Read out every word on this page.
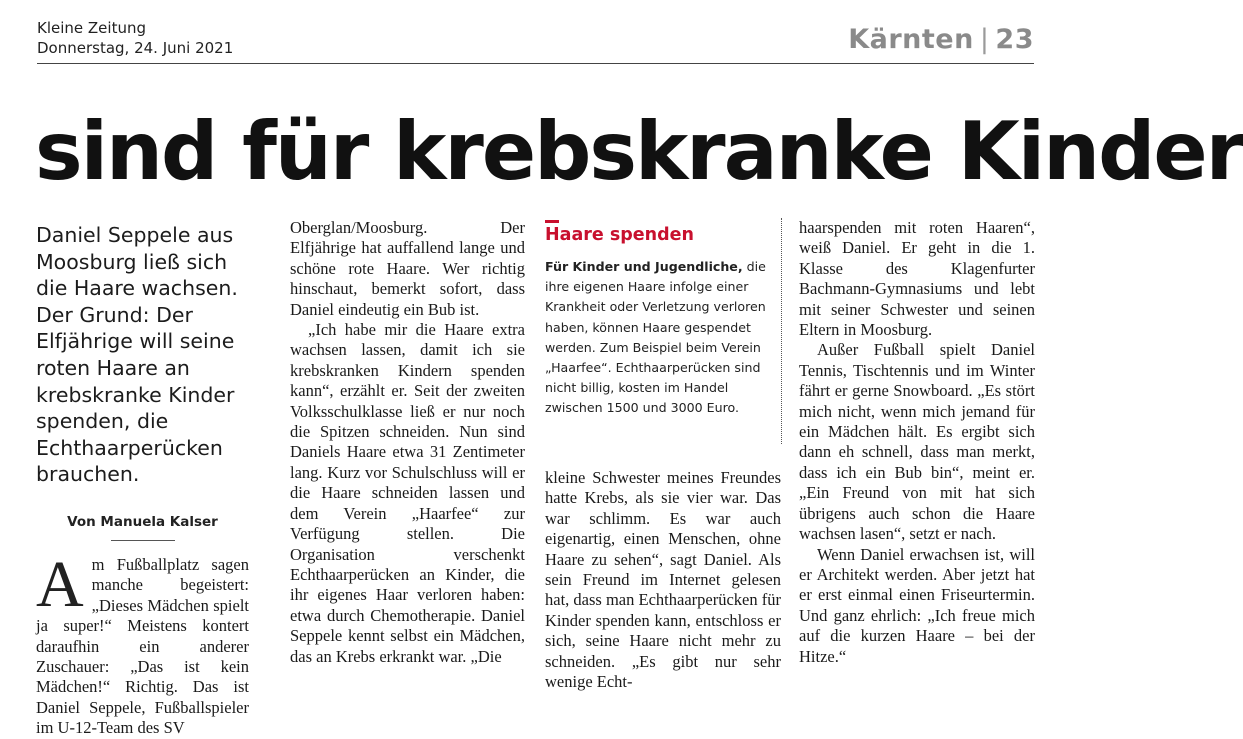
Kleine Zeitung
Donnerstag, 24. Juni 2021	Kärnten | 23
sind für krebskranke Kinder
Daniel Seppele aus Moosburg ließ sich die Haare wachsen. Der Grund: Der Elfjährige will seine roten Haare an krebskranke Kinder spenden, die Echthaarperücken brauchen.
Von Manuela Kalser

Am Fußballplatz sagen manche begeistert: „Dieses Mädchen spielt ja super!“ Meistens kontert daraufhin ein anderer Zuschauer: „Das ist kein Mädchen!“ Richtig. Das ist Daniel Seppele, Fußballspieler im U-12-Team des SV

Oberglan/Moosburg. Der Elfjährige hat auffallend lange und schöne rote Haare. Wer richtig hinschaut, bemerkt sofort, dass Daniel eindeutig ein Bub ist.

„Ich habe mir die Haare extra wachsen lassen, damit ich sie krebskranken Kindern spenden kann“, erzählt er. Seit der zweiten Volksschulklasse ließ er nur noch die Spitzen schneiden. Nun sind Daniels Haare etwa 31 Zentimeter lang. Kurz vor Schulschluss will er die Haare schneiden lassen und dem Verein „Haarfee“ zur Verfügung stellen. Die Organisation verschenkt Echthaarperücken an Kinder, die ihr eigenes Haar verloren haben: etwa durch Chemotherapie. Daniel Seppele kennt selbst ein Mädchen, das an Krebs erkrankt war. „Die

Haare spenden
Für Kinder und Jugendliche, die ihre eigenen Haare infolge einer Krankheit oder Verletzung verloren haben, können Haare gespendet werden. Zum Beispiel beim Verein „Haarfee“. Echthaarperücken sind nicht billig, kosten im Handel zwischen 1500 und 3000 Euro.

kleine Schwester meines Freundes hatte Krebs, als sie vier war. Das war schlimm. Es war auch eigenartig, einen Menschen, ohne Haare zu sehen“, sagt Daniel. Als sein Freund im Internet gelesen hat, dass man Echthaarperücken für Kinder spenden kann, entschloss er sich, seine Haare nicht mehr zu schneiden. „Es gibt nur sehr wenige Echt-

haarspenden mit roten Haaren“, weiß Daniel. Er geht in die 1. Klasse des Klagenfurter Bachmann-Gymnasiums und lebt mit seiner Schwester und seinen Eltern in Moosburg.

Außer Fußball spielt Daniel Tennis, Tischtennis und im Winter fährt er gerne Snowboard. „Es stört mich nicht, wenn mich jemand für ein Mädchen hält. Es ergibt sich dann eh schnell, dass man merkt, dass ich ein Bub bin“, meint er. „Ein Freund von mit hat sich übrigens auch schon die Haare wachsen lasen“, setzt er nach.

Wenn Daniel erwachsen ist, will er Architekt werden. Aber jetzt hat er erst einmal einen Friseurtermin. Und ganz ehrlich: „Ich freue mich auf die kurzen Haare – bei der Hitze.“
